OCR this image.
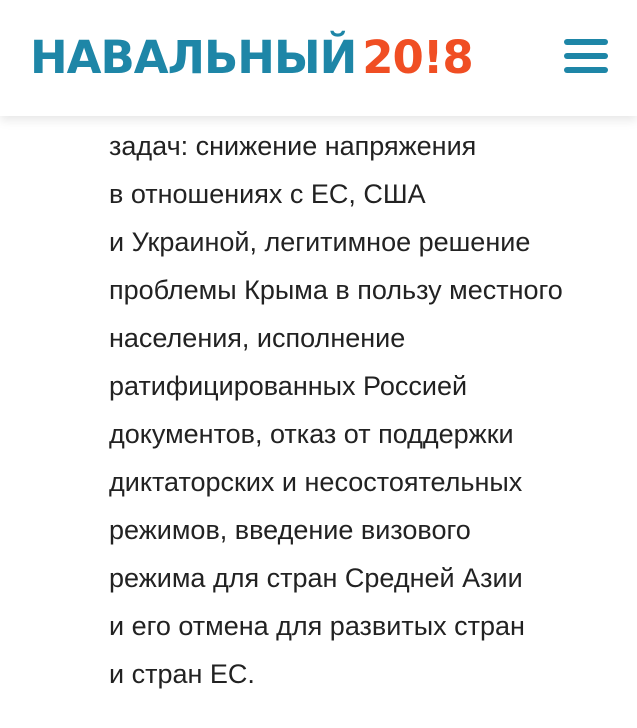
НАВАЛЬНЫЙ 20!8
задач: снижение напряжения
в отношениях с ЕС, США
и Украиной, легитимное решение
проблемы Крыма в пользу местного
населения, исполнение
ратифицированных Россией
документов, отказ от поддержки
диктаторских и несостоятельных
режимов, введение визового
режима для стран Средней Азии
и его отмена для развитых стран
и стран ЕС.
